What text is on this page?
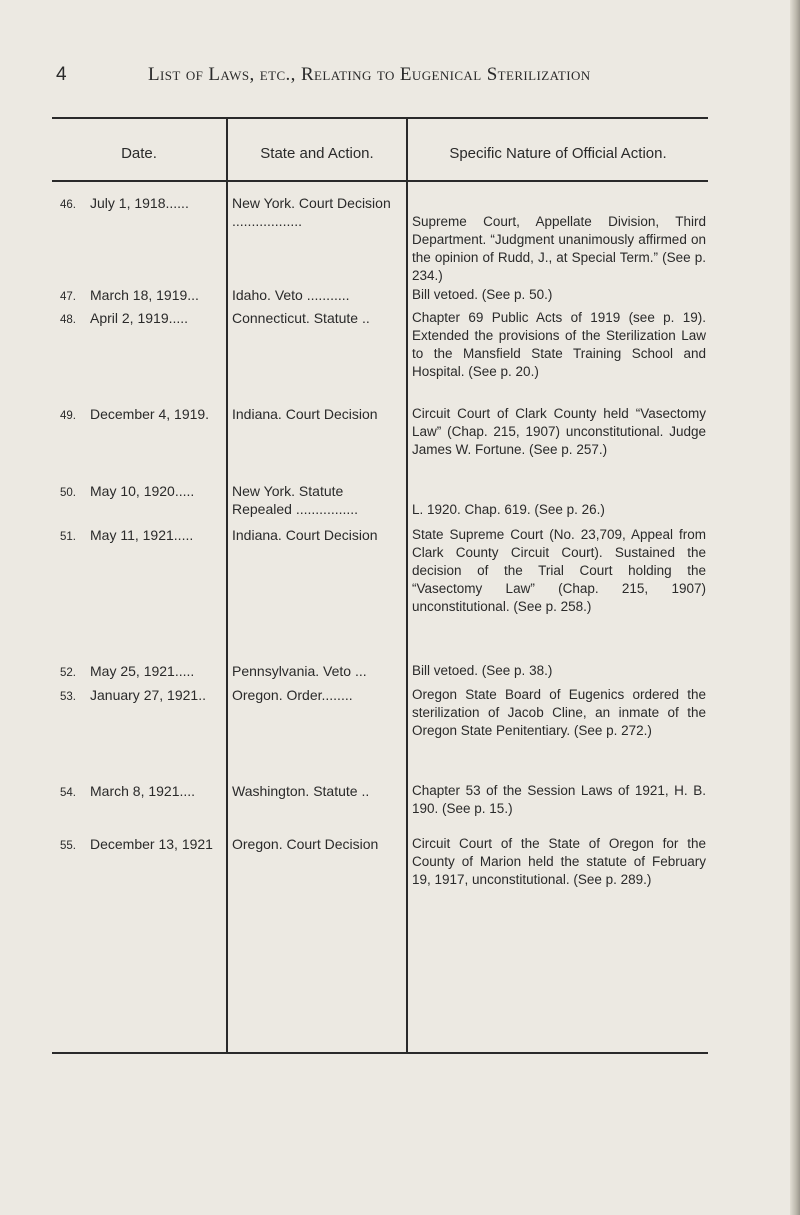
4	List of Laws, etc., Relating to Eugenical Sterilization
Date.	State and Action.	Specific Nature of Official Action.
46. July 1, 1918......	New York. Court Decision ..................	Supreme Court, Appellate Division, Third Department. “Judgment unanimously affirmed on the opinion of Rudd, J., at Special Term.” (See p. 234.)
47. March 18, 1919...	Idaho. Veto ...........	Bill vetoed. (See p. 50.)
48. April 2, 1919.....	Connecticut. Statute ..	Chapter 69 Public Acts of 1919 (see p. 19). Extended the provisions of the Sterilization Law to the Mansfield State Training School and Hospital. (See p. 20.)
49. December 4, 1919.	Indiana. Court Decision	Circuit Court of Clark County held “Vasectomy Law” (Chap. 215, 1907) unconstitutional. Judge James W. Fortune. (See p. 257.)
50. May 10, 1920.....	New York. Statute Repealed ................	L. 1920. Chap. 619. (See p. 26.)
51. May 11, 1921.....	Indiana. Court Decision	State Supreme Court (No. 23,709, Appeal from Clark County Circuit Court). Sustained the decision of the Trial Court holding the “Vasectomy Law” (Chap. 215, 1907) unconstitutional. (See p. 258.)
52. May 25, 1921.....	Pennsylvania. Veto ...	Bill vetoed. (See p. 38.)
53. January 27, 1921..	Oregon. Order........	Oregon State Board of Eugenics ordered the sterilization of Jacob Cline, an inmate of the Oregon State Penitentiary. (See p. 272.)
54. March 8, 1921....	Washington. Statute ..	Chapter 53 of the Session Laws of 1921, H. B. 190. (See p. 15.)
55. December 13, 1921	Oregon. Court Decision	Circuit Court of the State of Oregon for the County of Marion held the statute of February 19, 1917, unconstitutional. (See p. 289.)
